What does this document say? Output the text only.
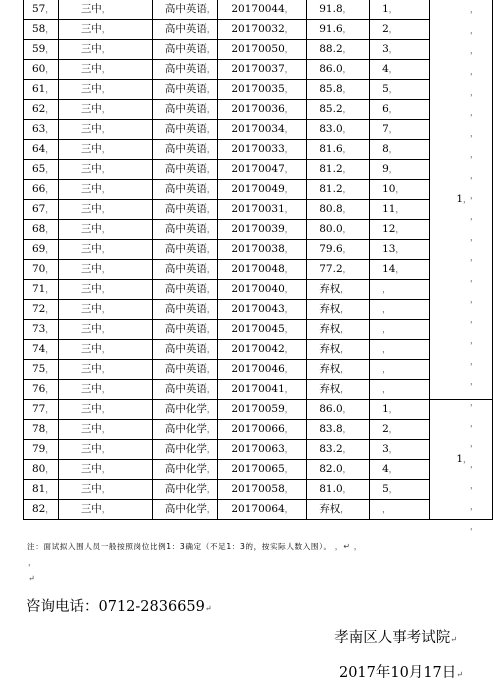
57，	三中，	高中英语，	20170044，	91.8，	1，	1，
58，	三中，	高中英语，	20170032，	91.6，	2，	
59，	三中，	高中英语，	20170050，	88.2，	3，	
60，	三中，	高中英语，	20170037，	86.0，	4，	
61，	三中，	高中英语，	20170035，	85.8，	5，	
62，	三中，	高中英语，	20170036，	85.2，	6，	
63，	三中，	高中英语，	20170034，	83.0，	7，	
64，	三中，	高中英语，	20170033，	81.6，	8，	
65，	三中，	高中英语，	20170047，	81.2，	9，	
66，	三中，	高中英语，	20170049，	81.2，	10，	
67，	三中，	高中英语，	20170031，	80.8，	11，	
68，	三中，	高中英语，	20170039，	80.0，	12，	
69，	三中，	高中英语，	20170038，	79.6，	13，	
70，	三中，	高中英语，	20170048，	77.2，	14，	
71，	三中，	高中英语，	20170040，	弃权，	，	
72，	三中，	高中英语，	20170043，	弃权，	，	
73，	三中，	高中英语，	20170045，	弃权，	，	
74，	三中，	高中英语，	20170042，	弃权，	，	
75，	三中，	高中英语，	20170046，	弃权，	，	
76，	三中，	高中英语，	20170041，	弃权，	，	
77，	三中，	高中化学，	20170059，	86.0，	1，	1，
78，	三中，	高中化学，	20170066，	83.8，	2，	
79，	三中，	高中化学，	20170063，	83.2，	3，	
80，	三中，	高中化学，	20170065，	82.0，	4，	
81，	三中，	高中化学，	20170058，	81.0，	5，	
82，	三中，	高中化学，	20170064，	弃权，	，	
，
，
，
，
，
，
，
，
，
，
，
，
，
，
，
，
，
，
，
，
，
，
，
，
，
，
注：面试拟入围人员一般按照岗位比例1：3确定（不足1：3的，按实际人数入围）。 ，↵ ，
，
↵
咨询电话：0712-2836659↵
孝南区人事考试院↵
2017年10月17日↵
